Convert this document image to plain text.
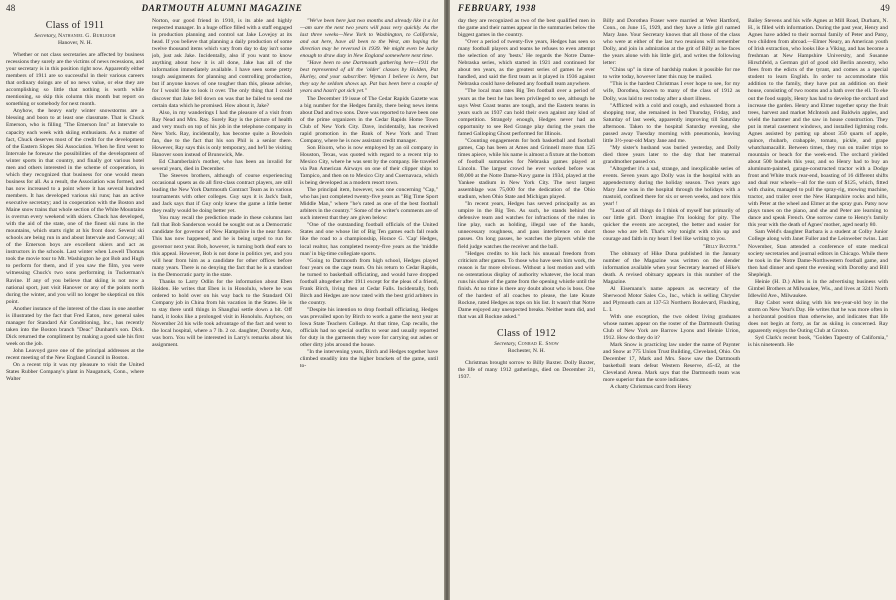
48	DARTMOUTH ALUMNI MAGAZINE
Class of 1911
Secretary, Nathaniel G. Burleigh
Hanover, N. H.

Whether or not class secretaries are affected by business recessions they surely are the victims of news recessions, and your secretary is in this position right now. Apparently either members of 1911 are so successful in their various careers that ordinary doings are of no news value, or else they are accomplishing so little that nothing is worth while mentioning, so skip this column this month but report on something or somebody for next month.

Anyhow, the heavy early winter snowstorms are a blessing and boon to at least one classmate. That is Chuck Emerson, who is filling "The Emerson Inn" at Intervale to capacity each week with skiing enthusiasts. As a matter of fact, Chuck deserves most of the credit for the development of the Eastern Slopes Ski Association. When he first went to Intervale he foresaw the possibilities of the development of winter sports in that country, and finally got various hotel men and others interested in the scheme of cooperation, in which they recognized that business for one would mean business for all. As a result, the Association was formed, and has now increased to a point where it has several hundred members. It has developed various ski runs; has an active executive secretary; and in cooperation with the Boston and Maine snow trains that whole section of the White Mountains is overrun every weekend with skiers. Chuck has developed, with the aid of the state, one of the finest ski runs in the mountains, which starts right at his front door. Several ski schools are being run in and about Intervale and Conway; all of the Emerson boys are excellent skiers and act as instructors in the schools. Last winter when Lowell Thomas took the movie tour to Mt. Washington he got Bob and Hugh to perform for them, and if you saw the film, you were witnessing Chuck's two sons performing in Tuckerman's Ravine. If any of you believe that skiing is not now a national sport, just visit Hanover or any of the points north during the winter, and you will no longer be skeptical on this point.

Another instance of the interest of the class in one another is illustrated by the fact that Fred Eaton, now general sales manager for Standard Air Conditioning, Inc., has recently taken into the Boston branch "Deac" Dunham's son. Dick. Dick returned the compliment by making a good sale his first week on the job.

John Leavoyd gave one of the principal addresses at the recent meeting of the New England Council in Boston.

On a recent trip it was my pleasure to visit the United States Rubber Company's plant in Naugatuck, Conn., where Walter

Norton, our good friend in 1910, is its able and highly respected manager. In a huge office filled with a staff engaged in production planning and control sat Jake Lovejoy at its head. If you believe that planning a daily production of some twelve thousand items which vary from day to day isn't some job, just ask Jake. Incidentally, also if you want to know anything about how it is all done, Jake has all of the information immediately available. I have seen some pretty tough assignments for planning and controlling production, but if anyone knows of one tougher than this, please advise, for I would like to look it over. The only thing that I could discover that Jake fell down on was that he failed to send me certain data which he promised. How about it, Jake?

Also, in my wanderings I had the pleasure of a visit from Ray Nead and Mrs. Ray. Surely Ray is the picture of health and very much on top of his job in the telephone company in New York. Ray, incidentally, has become quite a Bowdoin fan, due to the fact that his son Phil is a senior there. However, Ray says this is only temporary, and he'll be visiting Hanover soon instead of Brunswick, Me.

Ed Chamberlain's mother, who has been an invalid for several years, died in December.

The Steeves brothers, although of course experiencing occasional upsets as do all first-class contract players, are still leading the New York Dartmouth Contract Team as in various tournaments with other colleges. Guy says it is Jack's fault, and Jack says that if Guy only knew the game a little better they really would be doing better yet.

You may recall the prediction made in these columns last fall that Bob Sanderson would be sought out as a Democratic candidate for governor of New Hampshire in the near future. This has now happened, and he is being urged to run for governor next year. Bob, however, is turning both deaf ears to this appeal. However, Bob is not done in politics yet, and you will hear from him as a candidate for other offices before many years. There is no denying the fact that he is a standout in the Democratic party in the state.

Thanks to Larry Odlin for the information about Eben Holden. He writes that Eben is in Honolulu, where he was ordered to hold over on his way back to the Standard Oil Company job in China from his vacation in the States. He is to stay there until things in Shanghai settle down a bit. Off hand, it looks like a prolonged visit in Honolulu. Anyhow, on November 24 his wife took advantage of the fact and went to the local hospital, where a 7 lb. 2 oz. daughter, Dorothy Ann, was born. You will be interested in Larry's remarks about his assignment.

"We've been here just two months and already like it a lot—am sure the next two years will pass very quickly. As the last three weeks—New York to Washington, to California, and out here, have all been to the West, am hoping the direction may be reversed in 1939. We might even be lucky enough to draw duty in New England somewhere next time.

"Have been to one Dartmouth gathering here—1911 the best represented of all the 'older' classes by Holden, Pat Hurley, and your subscriber. Wyman I believe is here, but they say he seldom shows up. Pat has been here a couple of years and hasn't got sick yet."

The December 19 issue of The Cedar Rapids Gazette was a big number for the Hedges family, there being news items about Dad and two sons. Dave was reported to have been one of the prime organizers in the Cedar Rapids Home Town Club of New York City. Dave, incidentally, has received rapid promotion in the Bank of New York and Trust Company, where he is now assistant credit manager.

Son Bixom, who is now employed by an oil company in Houston, Texas, was quoted with regard to a recent trip to Mexico City, where he was sent by the company. He traveled via Pan American Airways on one of their clipper ships to Tampico, and then on to Mexico City and Cuernavaca, which is being developed as a modern resort town.

The principal item, however, was one concerning "Cap," who has just completed twenty-five years as "Big Time Sport Middle Man," where "he's rated as one of the best football arbiters in the country." Some of the writer's comments are of such interest that they are given below:

"One of the outstanding football officials of the United States and one whose list of Big Ten games each fall reads like the road to a championship, Horace G. 'Cap' Hedges, local realtor, has completed twenty-five years as the 'middle man' in big-time collegiate sports.

"Going to Dartmouth from high school, Hedges played four years on the cage team. On his return to Cedar Rapids, he turned to basketball officiating, and would have dropped football altogether after 1911 except for the pleas of a friend, Frank Birch, living then at Cedar Falls. Incidentally, both Birch and Hedges are now rated with the best grid arbiters in the country.

"Despite his intention to drop football officiating, Hedges was prevailed upon by Birch to work a game the next year at Iowa State Teachers College. At that time, Cap recalls, the officials had no special outfits to wear and usually reported for duty in the garments they wore for carrying out ashes or other dirty jobs around the house.

"In the intervening years, Birch and Hedges together have climbed steadily into the higher brackets of the game, until to-

FEBRUARY, 1938	49

day they are recognized as two of the best qualified men in the game and their names appear in the summaries below the biggest games in the country.

"Over a period of twenty-five years, Hedges has seen so many football players and teams he refuses to even attempt the selection of any 'bests.' He regards the Notre Dame-Nebraska series, which started in 1921 and continued for about ten years, as the greatest series of games he ever handled, and said the first team as it played in 1936 against Nebraska could have defeated any football team anywhere.

"The local man rates Big Ten football over a period of years as the best he has been privileged to see, although he says West Coast teams are tough, and the Eastern teams in years such as 1937 can hold their own against any kind of competition. Strangely enough, Hedges never had an opportunity to see Red Grange play during the years the famed Galloping Ghost performed for Illinois.

"Counting engagements for both basketball and football games, Cap has been at Ames and Grinnell more than 125 times apiece, while his name is almost a fixture at the bottom of football summaries for Nebraska games played at Lincoln. The largest crowd he ever worked before was 80,000 at the Notre Dame-Navy game in 1934, played at the Yankee stadium in New York City. The next largest assemblage was 75,000 for the dedication of the Ohio stadium, when Ohio State and Michigan played.

"In recent years, Hedges has served principally as an umpire in the Big Ten. As such, he stands behind the defensive team and watches for infractions of the rules in line play, such as holding, illegal use of the hands, unnecessary roughness, and pass interference on short passes. On long passes, he watches the players while the field judge watches the receiver and the ball.

"Hedges credits to his luck his unusual freedom from criticism after games. To those who have seen him work, the reason is far more obvious. Without a lost motion and with no ostentatious display of authority whatever, the local man runs his share of the game from the opening whistle until the finish. At no time is there any doubt about who is boss. One of the hardest of all coaches to please, the late Knute Rockne, rated Hedges as tops on his list. It wasn't that Notre Dame enjoyed any unexpected breaks. Neither team did, and that was all Rockne asked."

Class of 1912
Secretary, Conrad E. Snow
Rochester, N. H.

Christmas brought sorrow to Billy Baxter. Dolly Baxter, the life of many 1912 gatherings, died on December 21, 1937.

Billy and Dorothea Fraser were married at West Hartford, Conn., on June 15, 1929, and they have a little girl named Mary Jane. Your Secretary knows that all those of the class who were at either of the last two reunions will remember Dolly, and join in admiration at the grit of Billy as he faces the years alone with his little girl, and writes the following letter:

"Chins up" in time of hardship makes it possible for me to write today, however later this may be mailed.

"This is the hardest Christmas I ever hope to see, for my wife, Dorothea, known to many of the class of 1912 as Dolly, was laid to rest today after a short illness.

"Afflicted with a cold and cough, and exhausted from a shopping tour, she remained in bed Thursday, Friday, and Saturday of last week, apparently improving till Saturday afternoon. Taken to the hospital Saturday evening, she passed away Tuesday morning with pneumonia, leaving little 3½-year-old Mary Jane and me.

"My sister's husband was buried yesterday, and Dolly died three years later to the day that her maternal grandmother passed on.

"Altogether it's a sad, strange, and inexplicable series of events. Seven years ago Dolly was in the hospital with an appendectomy during the holiday season. Two years ago Mary Jane was in the hospital through the holidays with a mastoid, confined there for six or seven weeks, and now this year! !

"Least of all things do I think of myself but primarily of our little girl. Don't imagine I'm looking for pity. The quicker the events are accepted, the better and easier for those who are left. That's why tonight with chin up and courage and faith in my heart I feel like writing to you.

"Billy Baxter."

The obituary of Hike Duna published in the January number of the Magazine was written on the slender information available when your Secretary learned of Hike's death. A revised obituary appears in this number of the Magazine.

Al Eisemann's name appears as secretary of the Sherwood Motor Sales Co., Inc., which is selling Chrysler and Plymouth cars at 137-53 Northern Boulevard, Flushing, L. I.

With one exception, the two oldest living graduates whose names appear on the roster of the Dartmouth Outing Club of New York are Barrow Lyons and Heinie Urion, 1912. How do they do it?

Mark Snow is practicing law under the name of Paynter and Snow at 775 Union Trust Building, Cleveland, Ohio. On December 17, Mark and Mrs. Snow saw the Dartmouth basketball team defeat Western Reserve, 45-42, at the Cleveland Arena. Mark says that the Dartmouth team was more superior than the score indicates.

A chatty Christmas card from Henry

Bailey Stevens and his wife Agnes at Mill Road, Durham, N. H., is filled with information. During the past year, Henry and Agnes have added to their normal family of Peter and Patsy, two children from abroad.—Elmer Neary, an American youth of Irish extraction, who looks like a Viking, and has become a freshman at New Hampshire University, and Susanne Hirschfeld, a German girl of good old Berlin ancestry, who flees from the edicts of the tyrant, and comes as a special student to learn English. In order to accommodate this addition to the family, they have put an addition on their house, consisting of two rooms and a bath over the ell. To eke out the food supply, Henry has had to develop the orchard and increase the garden. Henry and Elmer together spray the fruit trees, harvest and market McIntosh and Baldwin apples, and wield the hammer and the saw in house construction. They put in metal casement windows, and installed lightning rods. Agnes assisted by putting up about 350 quarts of apple, quince, rhubarb, crabapple, tomato, pickle, and grape whatchamacallit. Between times, they run on trailer trips to mountain or beach for the week-end. The orchard yielded about 500 bushels this year, and so Henry had to buy an aluminum-painted, garage-constructed tractor with a Dodge front and White truck rear-end, boasting of 16 different shifts and dual rear wheels—all for the sum of $125, which, fitted with chains, managed to pull the spray-rig, mowing machine, tractor, and trailer over the New Hampshire rocks and hills, with Peter at the wheel and Elmer at the spray gun. Patsy now plays tunes on the piano, and she and Peter are learning to dance and speak French. One sorrow came to Henry's family this year with the death of Agnes' mother, aged nearly 80.

Sam Weld's daughter Barbara is a student at Colby Junior College along with Janet Fuller and the Leinweber twins. Last November, Stan attended a conference of state medical society secretaries and journal editors in Chicago. While there he took in the Notre Dame-Northwestern football game, and then had dinner and spent the evening with Dorothy and Bill Shepleigh.

Heinie (H. D.) Allen is in the advertising business with Gimbel Brothers at Milwaukee, Wis., and lives at 3241 North Idlewild Ave., Milwaukee.

Ray Cabot went skiing with his ten-year-old boy in the storm on New Year's Day. He writes that he was more often in a horizontal position than otherwise, and indicates that life does not begin at forty, as far as skiing is concerned. Ray apparently enjoys the Outing Club at Groton.

Syd Clark's recent book, "Golden Tapestry of California," is his nineteenth. He
